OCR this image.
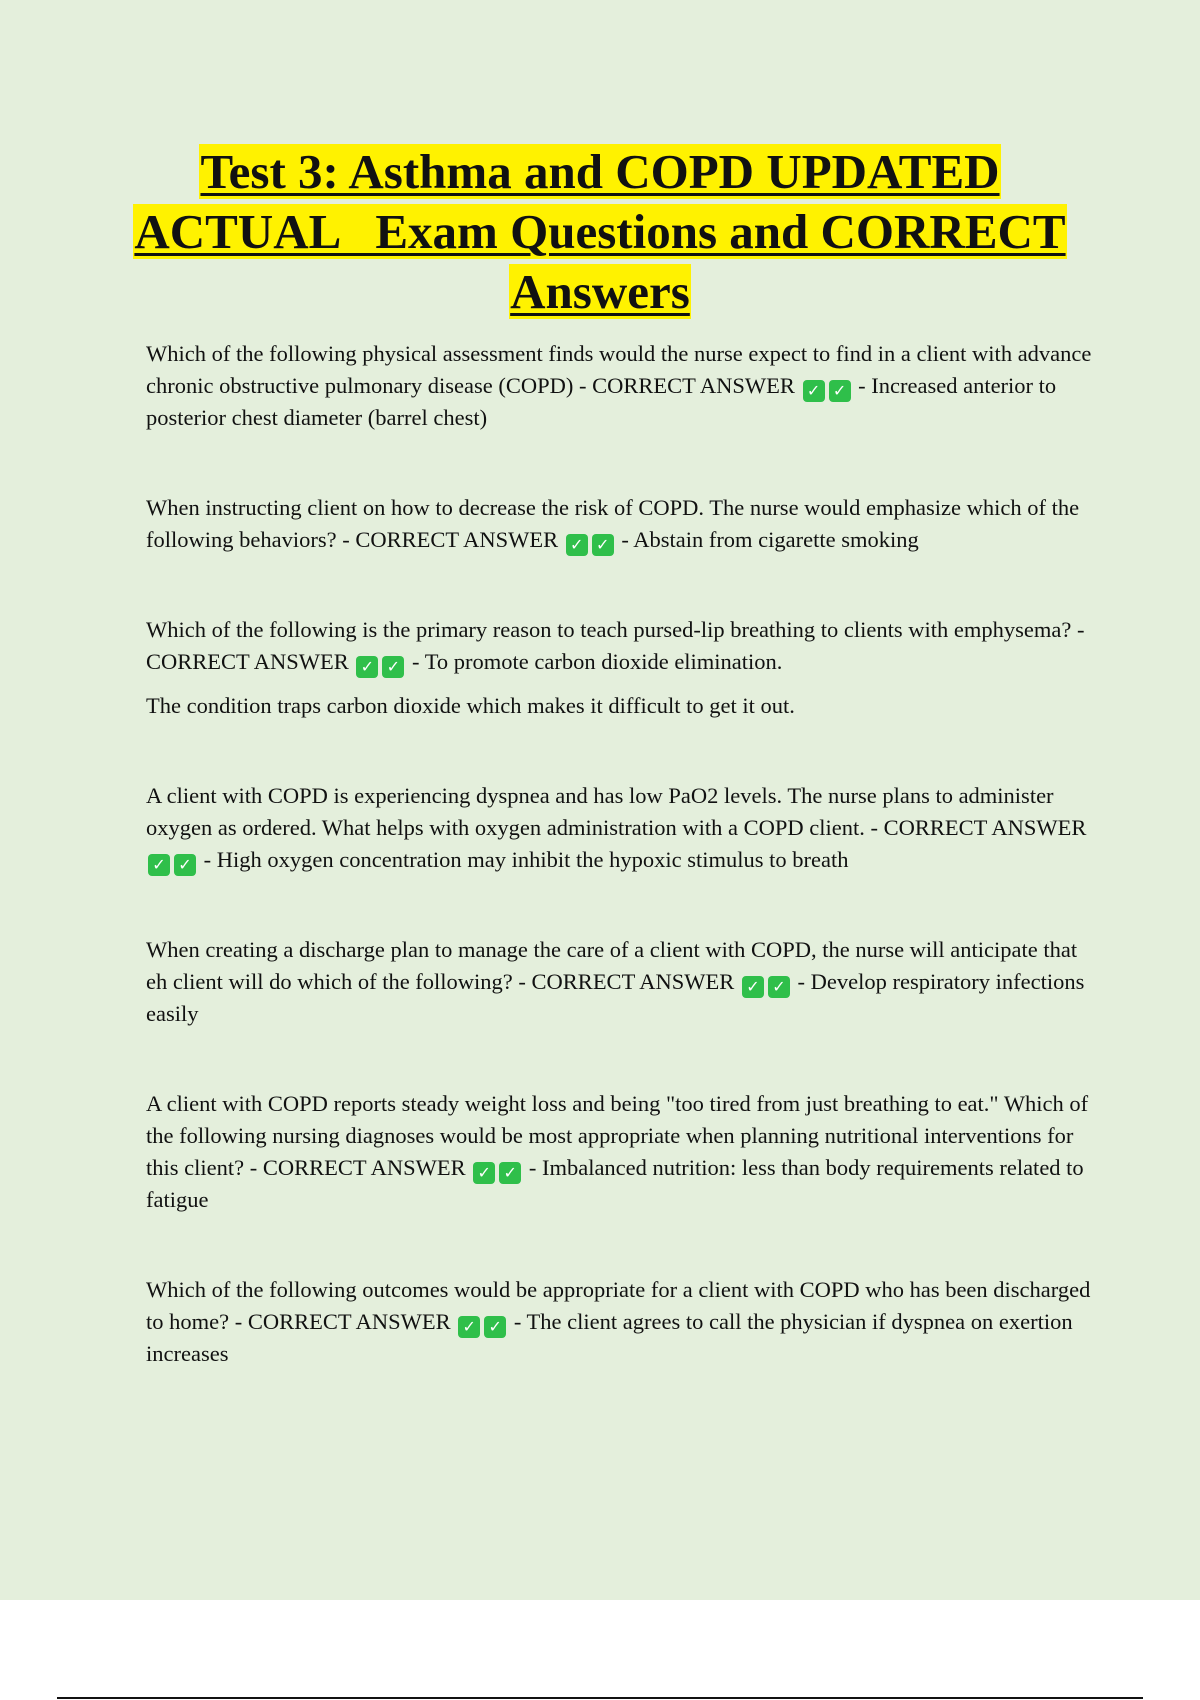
Test 3: Asthma and COPD UPDATED
ACTUAL   Exam Questions and CORRECT
Answers

Which of the following physical assessment finds would the nurse expect to find in a client with advance chronic obstructive pulmonary disease (COPD) - CORRECT ANSWER ✓ ✓ - Increased anterior to posterior chest diameter (barrel chest)

When instructing client on how to decrease the risk of COPD. The nurse would emphasize which of the following behaviors? - CORRECT ANSWER ✓ ✓ - Abstain from cigarette smoking

Which of the following is the primary reason to teach pursed-lip breathing to clients with emphysema? - CORRECT ANSWER ✓ ✓ - To promote carbon dioxide elimination.

The condition traps carbon dioxide which makes it difficult to get it out.

A client with COPD is experiencing dyspnea and has low PaO2 levels. The nurse plans to administer oxygen as ordered. What helps with oxygen administration with a COPD client. - CORRECT ANSWER ✓ ✓ - High oxygen concentration may inhibit the hypoxic stimulus to breath

When creating a discharge plan to manage the care of a client with COPD, the nurse will anticipate that eh client will do which of the following? - CORRECT ANSWER ✓ ✓ - Develop respiratory infections easily

A client with COPD reports steady weight loss and being "too tired from just breathing to eat." Which of the following nursing diagnoses would be most appropriate when planning nutritional interventions for this client? - CORRECT ANSWER ✓ ✓ - Imbalanced nutrition: less than body requirements related to fatigue

Which of the following outcomes would be appropriate for a client with COPD who has been discharged to home? - CORRECT ANSWER ✓ ✓ - The client agrees to call the physician if dyspnea on exertion increases
